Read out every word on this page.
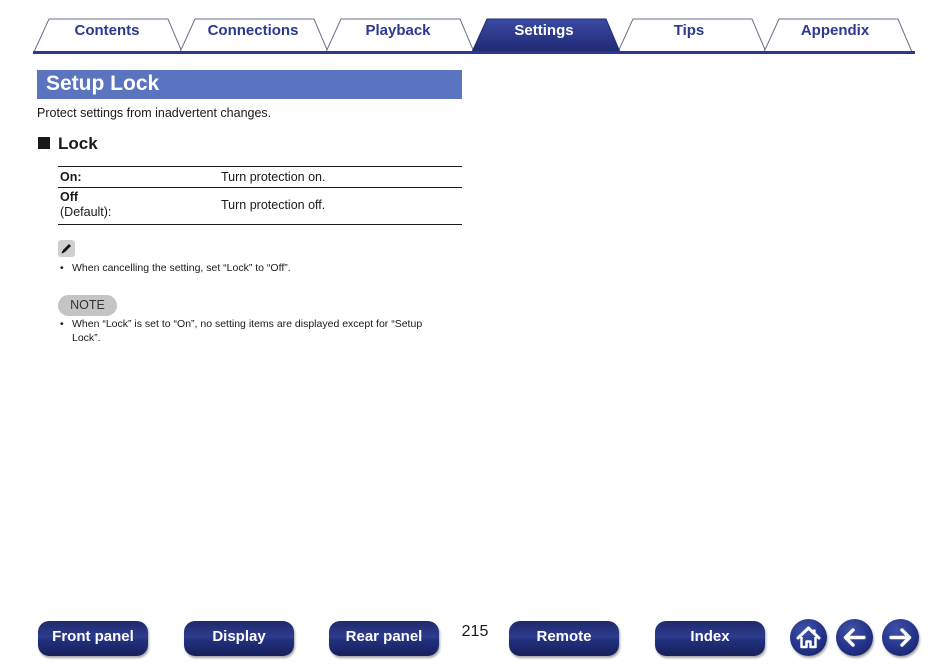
Contents	Connections	Playback	Settings	Tips	Appendix
Setup Lock
Protect settings from inadvertent changes.
Lock
On:	Turn protection on.
Off
(Default):	Turn protection off.
• When cancelling the setting, set “Lock” to “Off”.
NOTE
• When “Lock” is set to “On”, no setting items are displayed except for “Setup
Lock”.
Front panel	Display	Rear panel	215	Remote	Index
